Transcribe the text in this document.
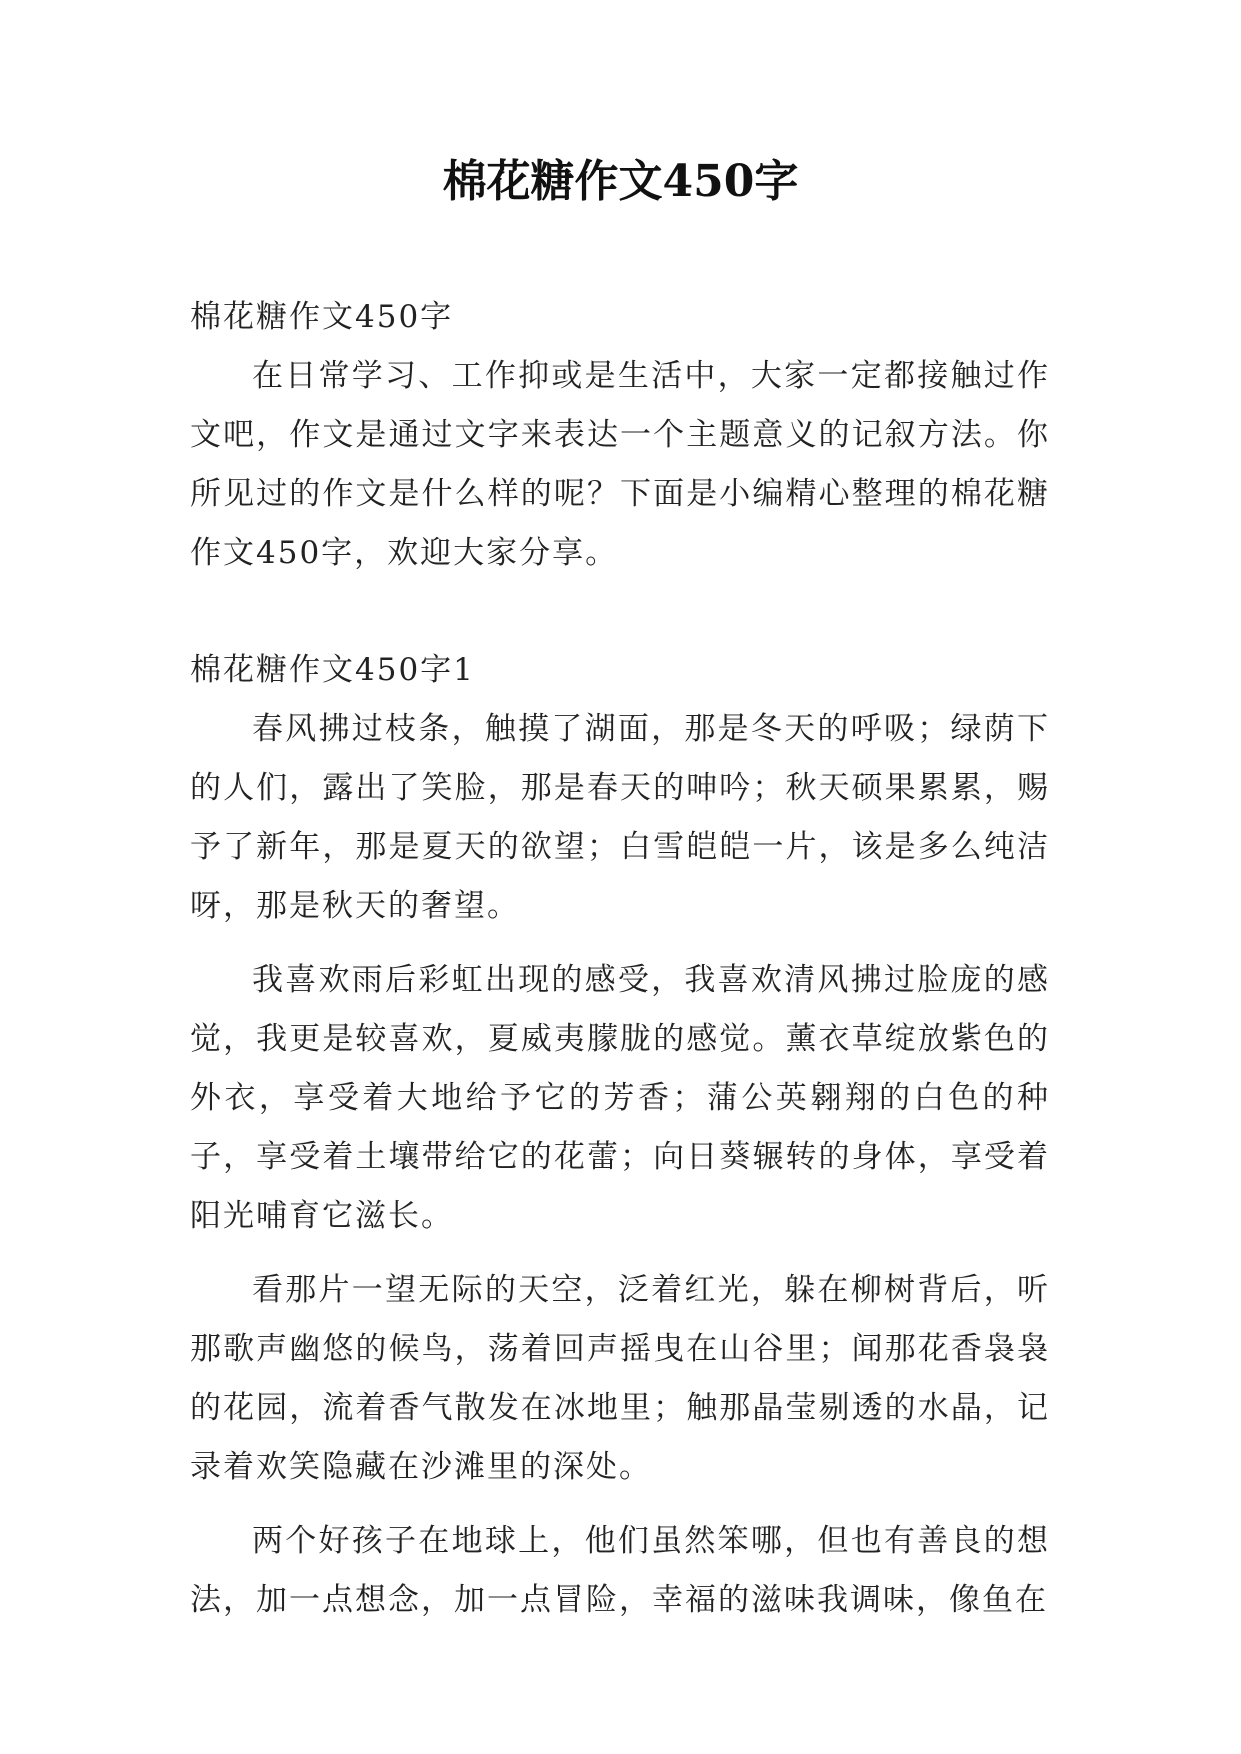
棉花糖作文450字

棉花糖作文450字

在日常学习、工作抑或是生活中，大家一定都接触过作文吧，作文是通过文字来表达一个主题意义的记叙方法。你所见过的作文是什么样的呢？下面是小编精心整理的棉花糖作文450字，欢迎大家分享。

棉花糖作文450字1

春风拂过枝条，触摸了湖面，那是冬天的呼吸；绿荫下的人们，露出了笑脸，那是春天的呻吟；秋天硕果累累，赐予了新年，那是夏天的欲望；白雪皑皑一片，该是多么纯洁呀，那是秋天的奢望。

我喜欢雨后彩虹出现的感受，我喜欢清风拂过脸庞的感觉，我更是较喜欢，夏威夷朦胧的感觉。薰衣草绽放紫色的外衣，享受着大地给予它的芳香；蒲公英翱翔的白色的种子，享受着土壤带给它的花蕾；向日葵辗转的身体，享受着阳光哺育它滋长。

看那片一望无际的天空，泛着红光，躲在柳树背后，听那歌声幽悠的候鸟，荡着回声摇曳在山谷里；闻那花香袅袅的花园，流着香气散发在冰地里；触那晶莹剔透的水晶，记录着欢笑隐藏在沙滩里的深处。

两个好孩子在地球上，他们虽然笨哪，但也有善良的想法，加一点想念，加一点冒险，幸福的滋味我调味，像鱼在
